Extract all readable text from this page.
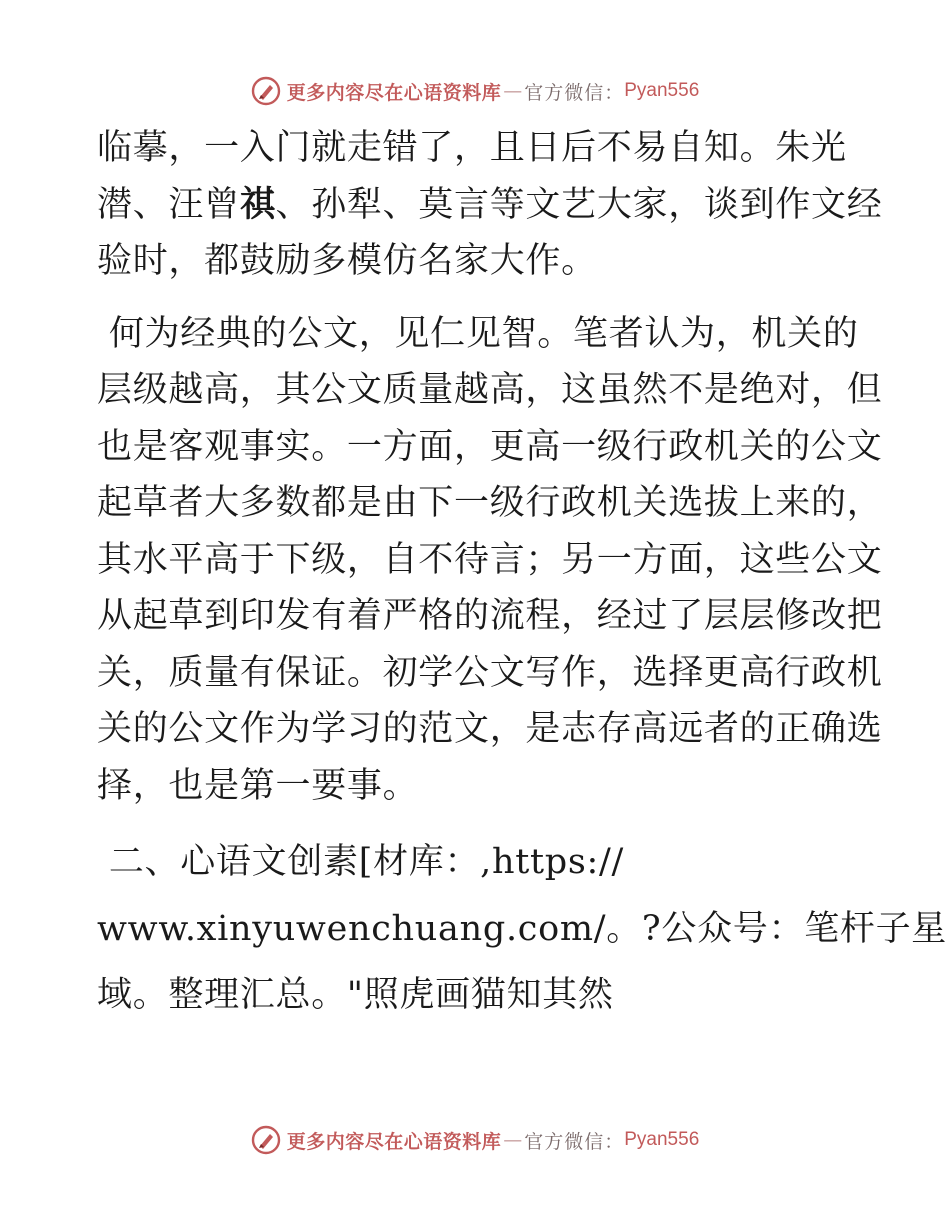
更多内容尽在心语资料库 — 官方微信： Pyan556

临摹，一入门就走错了，且日后不易自知。朱光
潜、汪曾祺、孙犁、莫言等文艺大家，谈到作文经
验时，都鼓励多模仿名家大作。

何为经典的公文，见仁见智。笔者认为，机关的
层级越高，其公文质量越高，这虽然不是绝对，但
也是客观事实。一方面，更高一级行政机关的公文
起草者大多数都是由下一级行政机关选拔上来的，
其水平高于下级，自不待言；另一方面，这些公文
从起草到印发有着严格的流程，经过了层层修改把
关，质量有保证。初学公文写作，选择更高行政机
关的公文作为学习的范文，是志存高远者的正确选
择，也是第一要事。

二、心语文创素[材库：,https://
www.xinyuwenchuang.com/。?公众号：笔杆子星
域。整理汇总。"照虎画猫知其然

更多内容尽在心语资料库 — 官方微信： Pyan556
